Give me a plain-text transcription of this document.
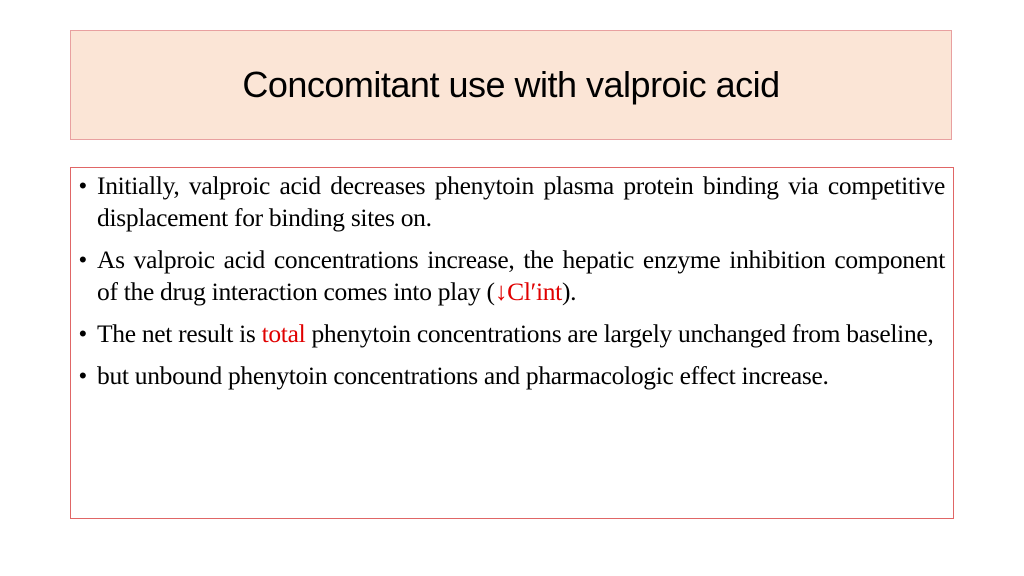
Concomitant use with valproic acid
• Initially, valproic acid decreases phenytoin plasma protein binding via competitive displacement for binding sites on.
• As valproic acid concentrations increase, the hepatic enzyme inhibition component of the drug interaction comes into play (↓Cl′int).
• The net result is total phenytoin concentrations are largely unchanged from baseline,
• but unbound phenytoin concentrations and pharmacologic effect increase.
